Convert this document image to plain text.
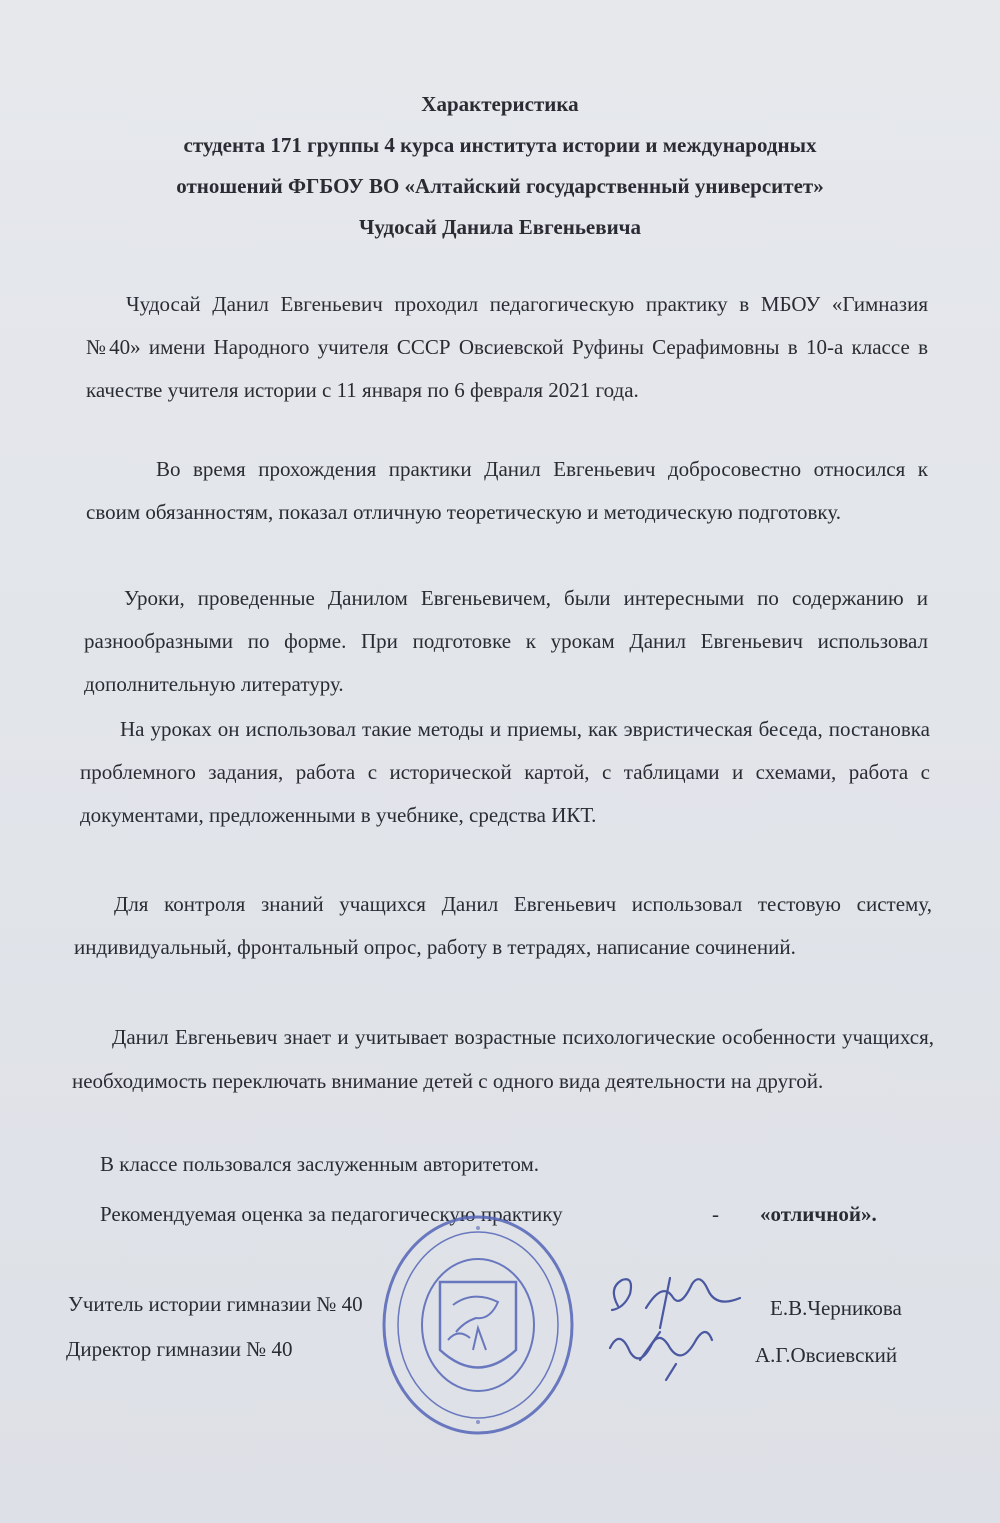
Характеристика
студента 171 группы 4 курса института истории и международных
отношений ФГБОУ ВО «Алтайский государственный университет»
Чудосай Данила Евгеньевича
Чудосай Данил Евгеньевич проходил педагогическую практику в МБОУ «Гимназия №40» имени Народного учителя СССР Овсиевской Руфины Серафимовны в 10-а классе в качестве учителя истории с 11 января по 6 февраля 2021 года.
Во время прохождения практики Данил Евгеньевич добросовестно относился к своим обязанностям, показал отличную теоретическую и методическую подготовку.
Уроки, проведенные Данилом Евгеньевичем, были интересными по содержанию и разнообразными по форме. При подготовке к урокам Данил Евгеньевич использовал дополнительную литературу.
На уроках он использовал такие методы и приемы, как эвристическая беседа, постановка проблемного задания, работа с исторической картой, с таблицами и схемами, работа с документами, предложенными в учебнике, средства ИКТ.
Для контроля знаний учащихся Данил Евгеньевич использовал тестовую систему, индивидуальный, фронтальный опрос, работу в тетрадях, написание сочинений.
Данил Евгеньевич знает и учитывает возрастные психологические особенности учащихся, необходимость переключать внимание детей с одного вида деятельности на другой.
В классе пользовался заслуженным авторитетом.
Рекомендуемая оценка за педагогическую практику	- «отличной».
Учитель истории гимназии № 40
Директор гимназии № 40
Е.В.Черникова
А.Г.Овсиевский
